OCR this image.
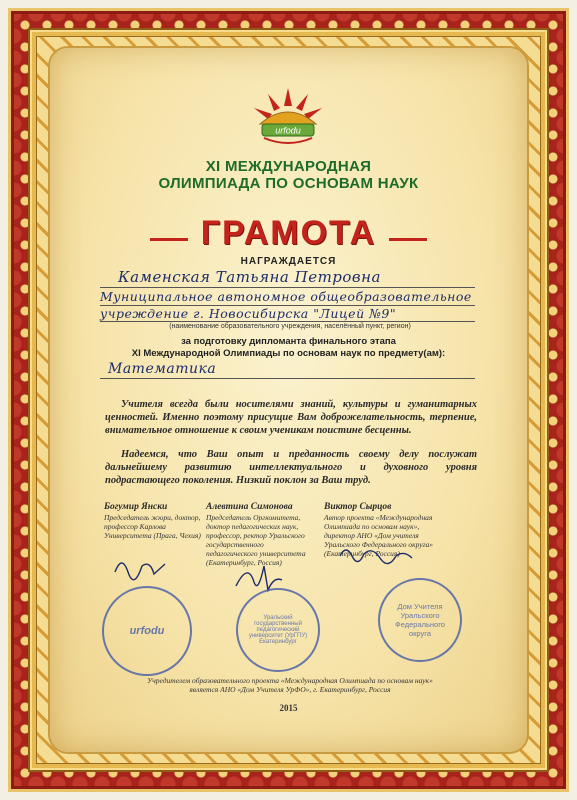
urfodu
XI МЕЖДУНАРОДНАЯ
ОЛИМПИАДА ПО ОСНОВАМ НАУК
ГРАМОТА
НАГРАЖДАЕТСЯ
Каменская Татьяна Петровна
Муниципальное автономное общеобразовательное
учреждение г. Новосибирска "Лицей №9"
(наименование образовательного учреждения, населённый пункт, регион)
за подготовку дипломанта финального этапа
XI Международной Олимпиады по основам наук по предмету(ам):
Математика
Учителя всегда были носителями знаний, культуры и гуманитарных ценностей. Именно поэтому присущие Вам доброжелательность, терпение, внимательное отношение к своим ученикам поистине бесценны.
Надеемся, что Ваш опыт и преданность своему делу послужат дальнейшему развитию интеллектуального и духовного уровня подрастающего поколения. Низкий поклон за Ваш труд.
Богумир Янски
Председатель жюри, доктор, профессор Карлова Университета (Прага, Чехия)
Алевтина Симонова
Председатель Оргкомитета, доктор педагогических наук, профессор, ректор Уральского государственного педагогического университета (Екатеринбург, Россия)
Виктор Сырцов
Автор проекта «Международная Олимпиада по основам наук», директор АНО «Дом учителя Уральского Федерального округа» (Екатеринбург, Россия)
urfodu
Уральский государственный педагогический университет (УрГПУ) Екатеринбург
Дом Учителя Уральского Федерального округа
Учредителем образовательного проекта «Международная Олимпиада по основам наук» является АНО «Дом Учителя УрФО», г. Екатеринбург, Россия
2015
